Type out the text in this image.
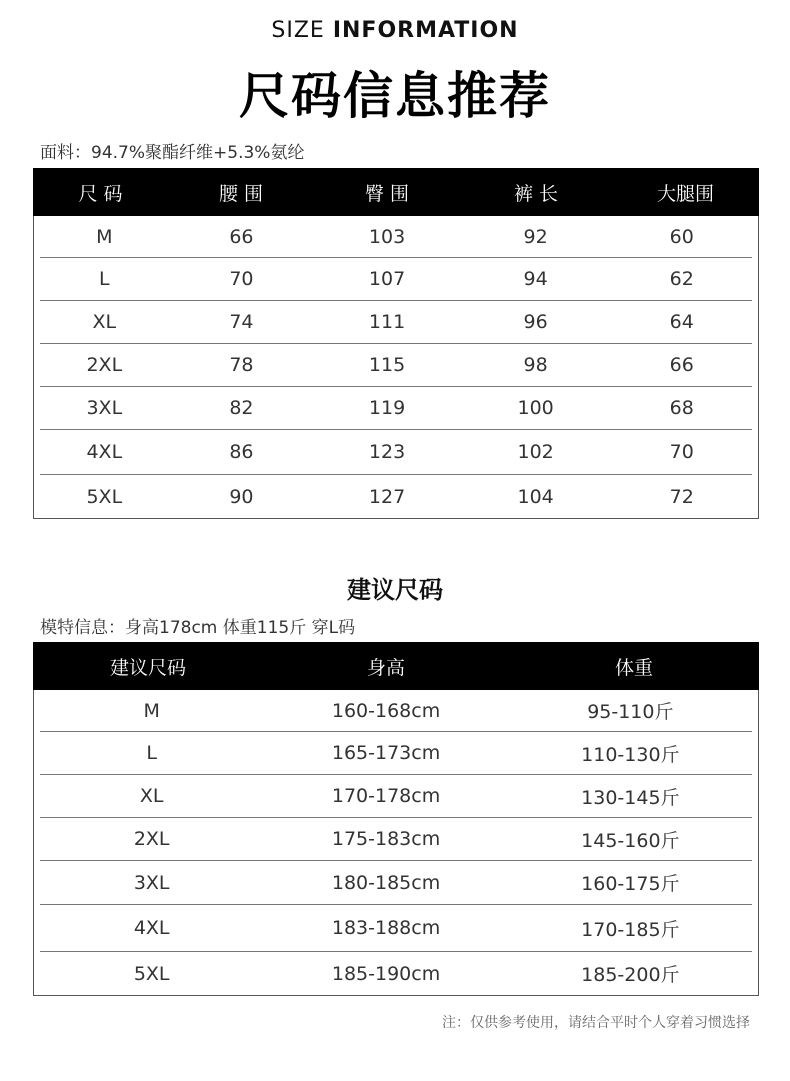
SIZE INFORMATION
尺码信息推荐
面料：94.7%聚酯纤维+5.3%氨纶
尺 码	腰 围	臀 围	裤 长	大腿围
M	66	103	92	60
L	70	107	94	62
XL	74	111	96	64
2XL	78	115	98	66
3XL	82	119	100	68
4XL	86	123	102	70
5XL	90	127	104	72
建议尺码
模特信息：身高178cm 体重115斤 穿L码
建议尺码	身高	体重
M	160-168cm	95-110斤
L	165-173cm	110-130斤
XL	170-178cm	130-145斤
2XL	175-183cm	145-160斤
3XL	180-185cm	160-175斤
4XL	183-188cm	170-185斤
5XL	185-190cm	185-200斤
注：仅供参考使用，请结合平时个人穿着习惯选择
